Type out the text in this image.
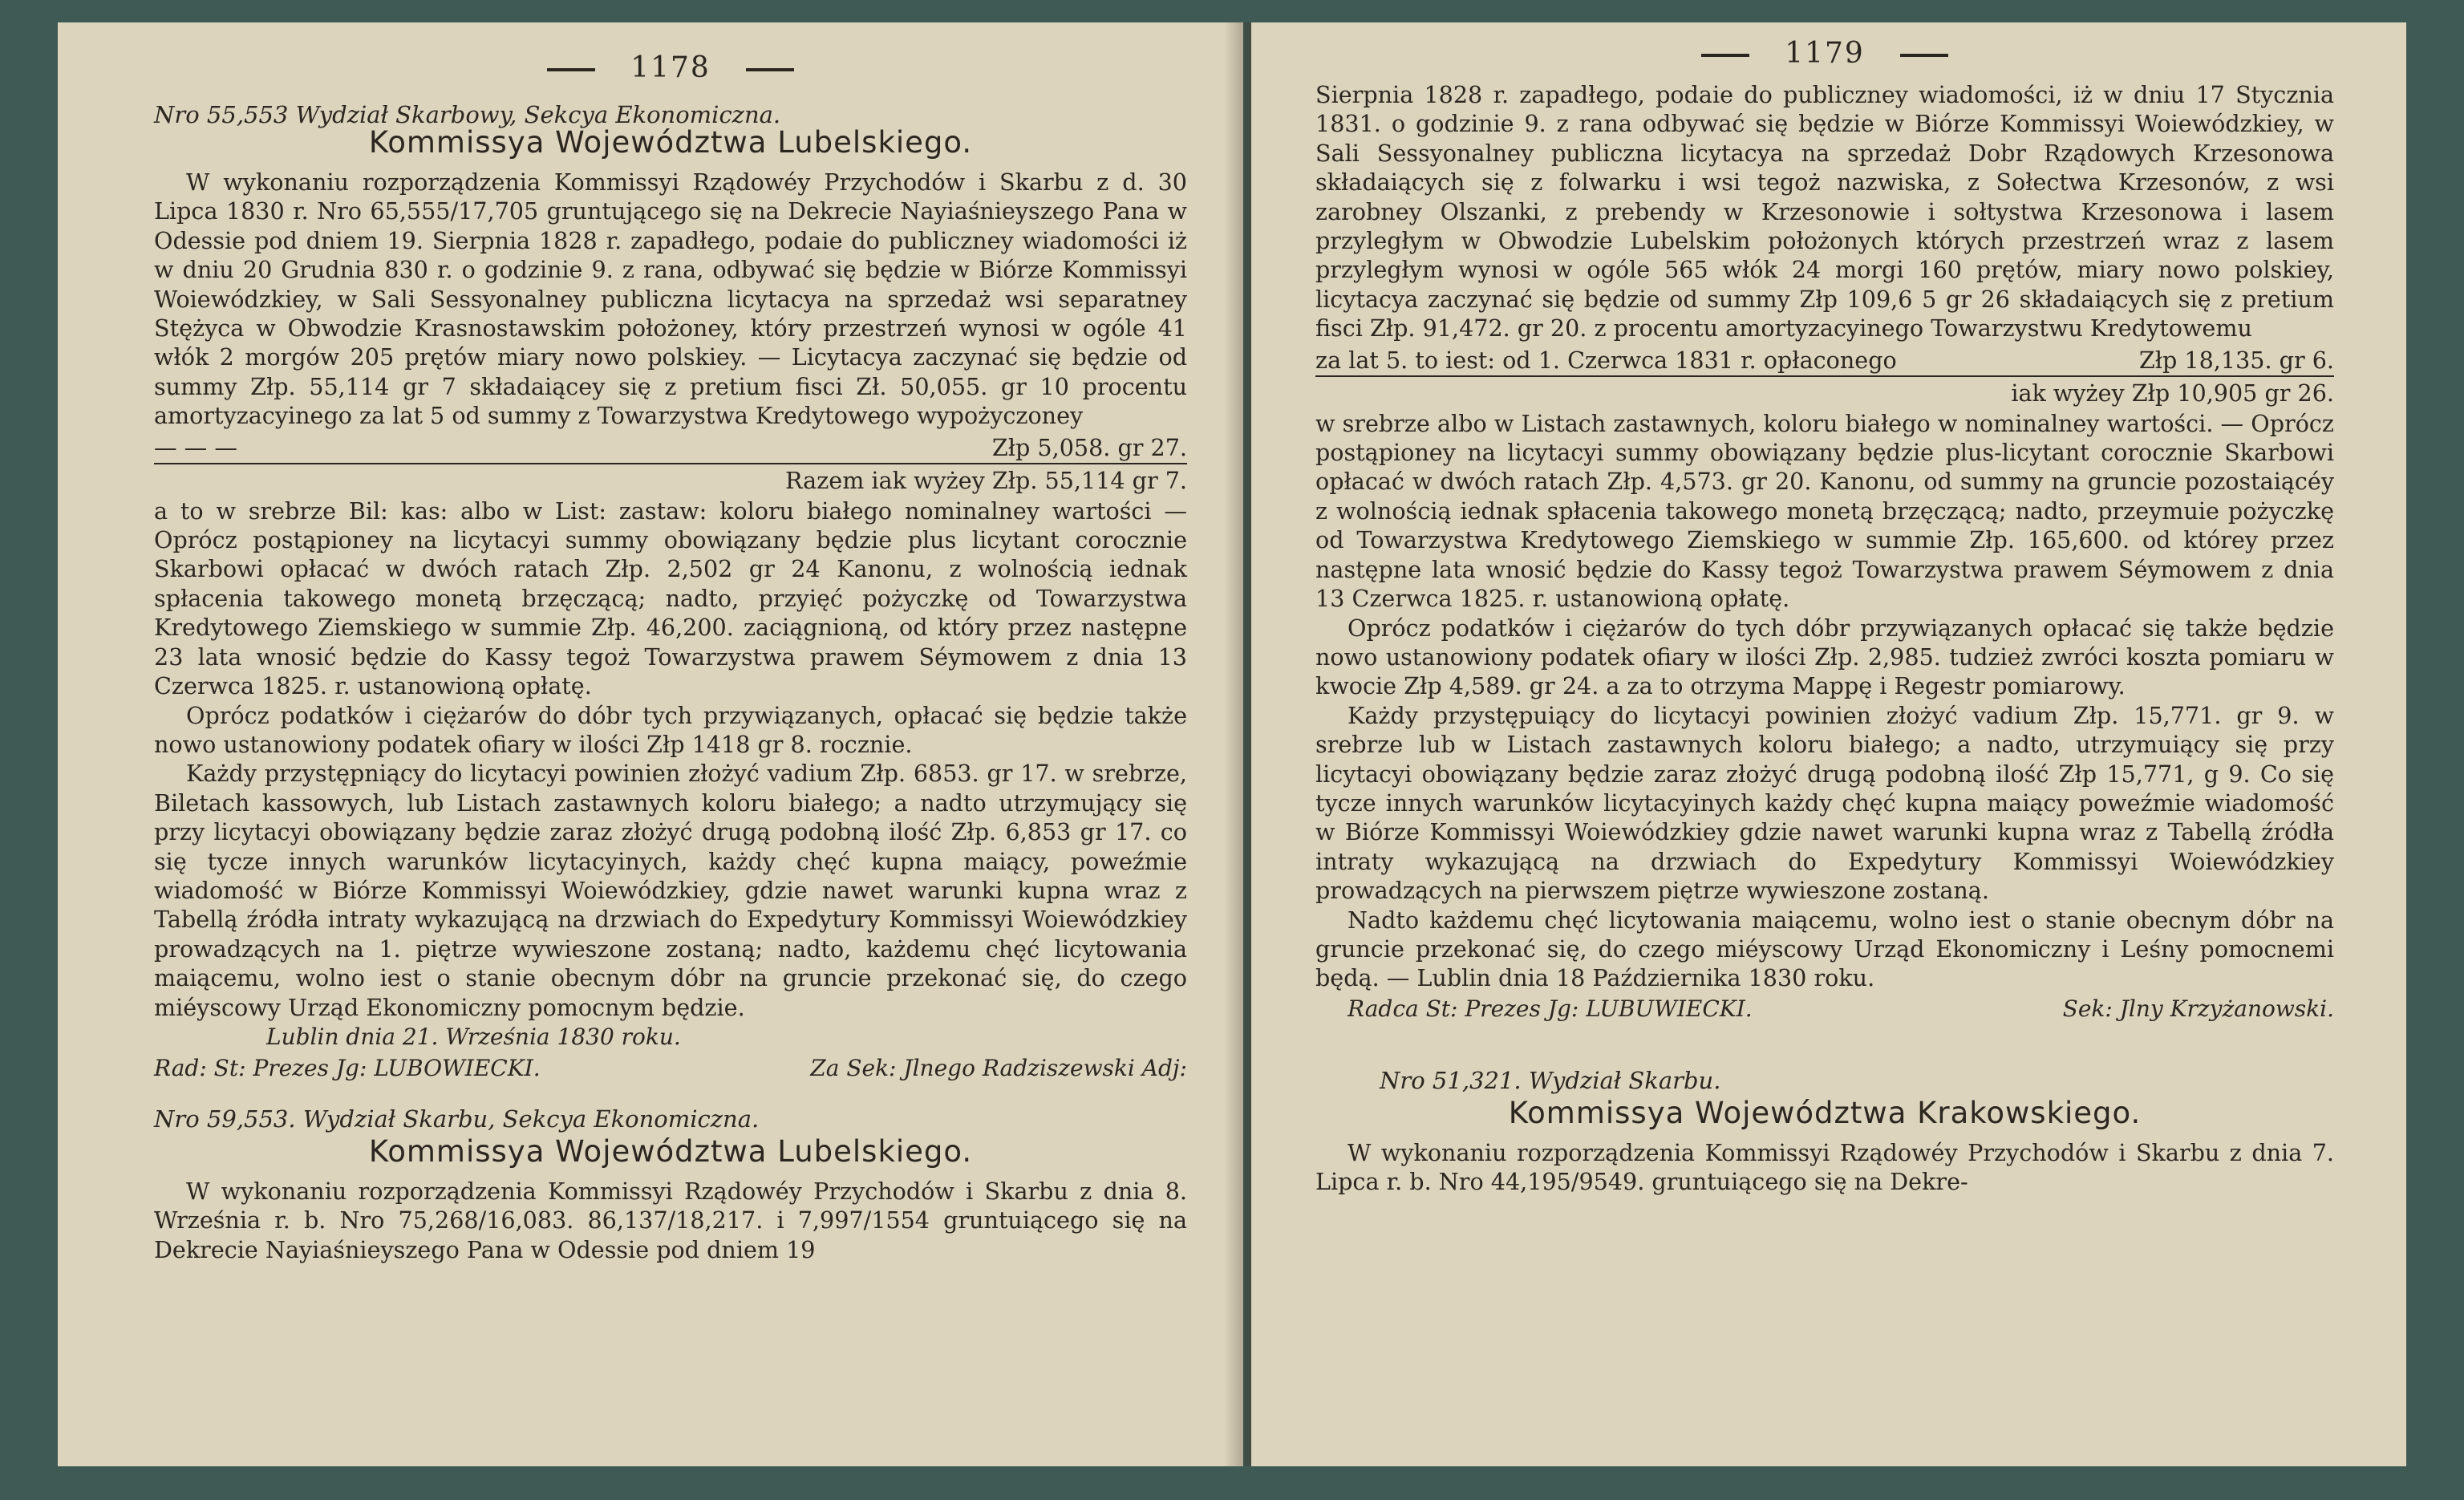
1178
Nro 55,553 Wydział Skarbowy, Sekcya Ekonomiczna.
Kommissya Województwa Lubelskiego.

W wykonaniu rozporządzenia Kommissyi Rządowéy Przychodów i Skarbu z d. 30 Lipca 1830 r. Nro 65,555/17,705 gruntującego się na Dekrecie Nayiaśnieyszego Pana w Odessie pod dniem 19. Sierpnia 1828 r. zapadłego, podaie do publiczney wiadomości iż w dniu 20 Grudnia 830 r. o godzinie 9. z rana, odbywać się będzie w Biórze Kommissyi Woiewódzkiey, w Sali Sessyonalney publiczna licytacya na sprzedaż wsi separatney Stężyca w Obwodzie Krasnostawskim położoney, który przestrzeń wynosi w ogóle 41 włók 2 morgów 205 prętów miary nowo polskiey. — Licytacya zaczynać się będzie od summy Złp. 55,114 gr 7 składaiącey się z pretium fisci Zł. 50,055. gr 10 procentu amortyzacyinego za lat 5 od summy z Towarzystwa Kredytowego wypożyczoney

— — —	Złp 5,058. gr 27.
Razem iak wyżey Złp. 55,114 gr 7.

a to w srebrze Bil: kas: albo w List: zastaw: koloru białego nominalney wartości — Oprócz postąpioney na licytacyi summy obowiązany będzie plus licytant corocznie Skarbowi opłacać w dwóch ratach Złp. 2,502 gr 24 Kanonu, z wolnością iednak spłacenia takowego monetą brzęczącą; nadto, przyięć pożyczkę od Towarzystwa Kredytowego Ziemskiego w summie Złp. 46,200. zaciągnioną, od który przez następne 23 lata wnosić będzie do Kassy tegoż Towarzystwa prawem Séymowem z dnia 13 Czerwca 1825. r. ustanowioną opłatę.

Oprócz podatków i ciężarów do dóbr tych przywiązanych, opłacać się będzie także nowo ustanowiony podatek ofiary w ilości Złp 1418 gr 8. rocznie.

Każdy przystępniący do licytacyi powinien złożyć vadium Złp. 6853. gr 17. w srebrze, Biletach kassowych, lub Listach zastawnych koloru białego; a nadto utrzymujący się przy licytacyi obowiązany będzie zaraz złożyć drugą podobną ilość Złp. 6,853 gr 17. co się tycze innych warunków licytacyinych, każdy chęć kupna maiący, poweźmie wiadomość w Biórze Kommissyi Woiewódzkiey, gdzie nawet warunki kupna wraz z Tabellą źródła intraty wykazującą na drzwiach do Expedytury Kommissyi Woiewódzkiey prowadzących na 1. piętrze wywieszone zostaną; nadto, każdemu chęć licytowania maiącemu, wolno iest o stanie obecnym dóbr na gruncie przekonać się, do czego miéyscowy Urząd Ekonomiczny pomocnym będzie.

Lublin dnia 21. Września 1830 roku.
Rad: St: Prezes Jg: LUBOWIECKI.	Za Sek: Jlnego Radziszewski Adj:
Nro 59,553. Wydział Skarbu, Sekcya Ekonomiczna.
Kommissya Województwa Lubelskiego.

W wykonaniu rozporządzenia Kommissyi Rządowéy Przychodów i Skarbu z dnia 8. Września r. b. Nro 75,268/16,083. 86,137/18,217. i 7,997/1554 gruntuiącego się na Dekrecie Nayiaśnieyszego Pana w Odessie pod dniem 19

1179

Sierpnia 1828 r. zapadłego, podaie do publiczney wiadomości, iż w dniu 17 Stycznia 1831. o godzinie 9. z rana odbywać się będzie w Biórze Kommissyi Woiewódzkiey, w Sali Sessyonalney publiczna licytacya na sprzedaż Dobr Rządowych Krzesonowa składaiących się z folwarku i wsi tegoż nazwiska, z Sołectwa Krzesonów, z wsi zarobney Olszanki, z prebendy w Krzesonowie i sołtystwa Krzesonowa i lasem przyległym w Obwodzie Lubelskim położonych których przestrzeń wraz z lasem przyległym wynosi w ogóle 565 włók 24 morgi 160 prętów, miary nowo polskiey, licytacya zaczynać się będzie od summy Złp 109,6 5 gr 26 składaiących się z pretium fisci Złp. 91,472. gr 20. z procentu amortyzacyinego Towarzystwu Kredytowemu

za lat 5. to iest: od 1. Czerwca 1831 r. opłaconego	Złp 18,135. gr 6.
iak wyżey Złp 10,905 gr 26.

w srebrze albo w Listach zastawnych, koloru białego w nominalney wartości. — Oprócz postąpioney na licytacyi summy obowiązany będzie plus-licytant corocznie Skarbowi opłacać w dwóch ratach Złp. 4,573. gr 20. Kanonu, od summy na gruncie pozostaiącéy z wolnością iednak spłacenia takowego monetą brzęczącą; nadto, przeymuie pożyczkę od Towarzystwa Kredytowego Ziemskiego w summie Złp. 165,600. od którey przez następne lata wnosić będzie do Kassy tegoż Towarzystwa prawem Séymowem z dnia 13 Czerwca 1825. r. ustanowioną opłatę.

Oprócz podatków i ciężarów do tych dóbr przywiązanych opłacać się także będzie nowo ustanowiony podatek ofiary w ilości Złp. 2,985. tudzież zwróci koszta pomiaru w kwocie Złp 4,589. gr 24. a za to otrzyma Mappę i Regestr pomiarowy.

Każdy przystępuiący do licytacyi powinien złożyć vadium Złp. 15,771. gr 9. w srebrze lub w Listach zastawnych koloru białego; a nadto, utrzymuiący się przy licytacyi obowiązany będzie zaraz złożyć drugą podobną ilość Złp 15,771, g 9. Co się tycze innych warunków licytacyinych każdy chęć kupna maiący poweźmie wiadomość w Biórze Kommissyi Woiewódzkiey gdzie nawet warunki kupna wraz z Tabellą źródła intraty wykazującą na drzwiach do Expedytury Kommissyi Woiewódzkiey prowadzących na pierwszem piętrze wywieszone zostaną.

Nadto każdemu chęć licytowania maiącemu, wolno iest o stanie obecnym dóbr na gruncie przekonać się, do czego miéyscowy Urząd Ekonomiczny i Leśny pomocnemi będą. — Lublin dnia 18 Października 1830 roku.

Radca St: Prezes Jg: LUBUWIECKI.	Sek: Jlny Krzyżanowski.
Nro 51,321. Wydział Skarbu.
Kommissya Województwa Krakowskiego.

W wykonaniu rozporządzenia Kommissyi Rządowéy Przychodów i Skarbu z dnia 7. Lipca r. b. Nro 44,195/9549. gruntuiącego się na Dekre-
